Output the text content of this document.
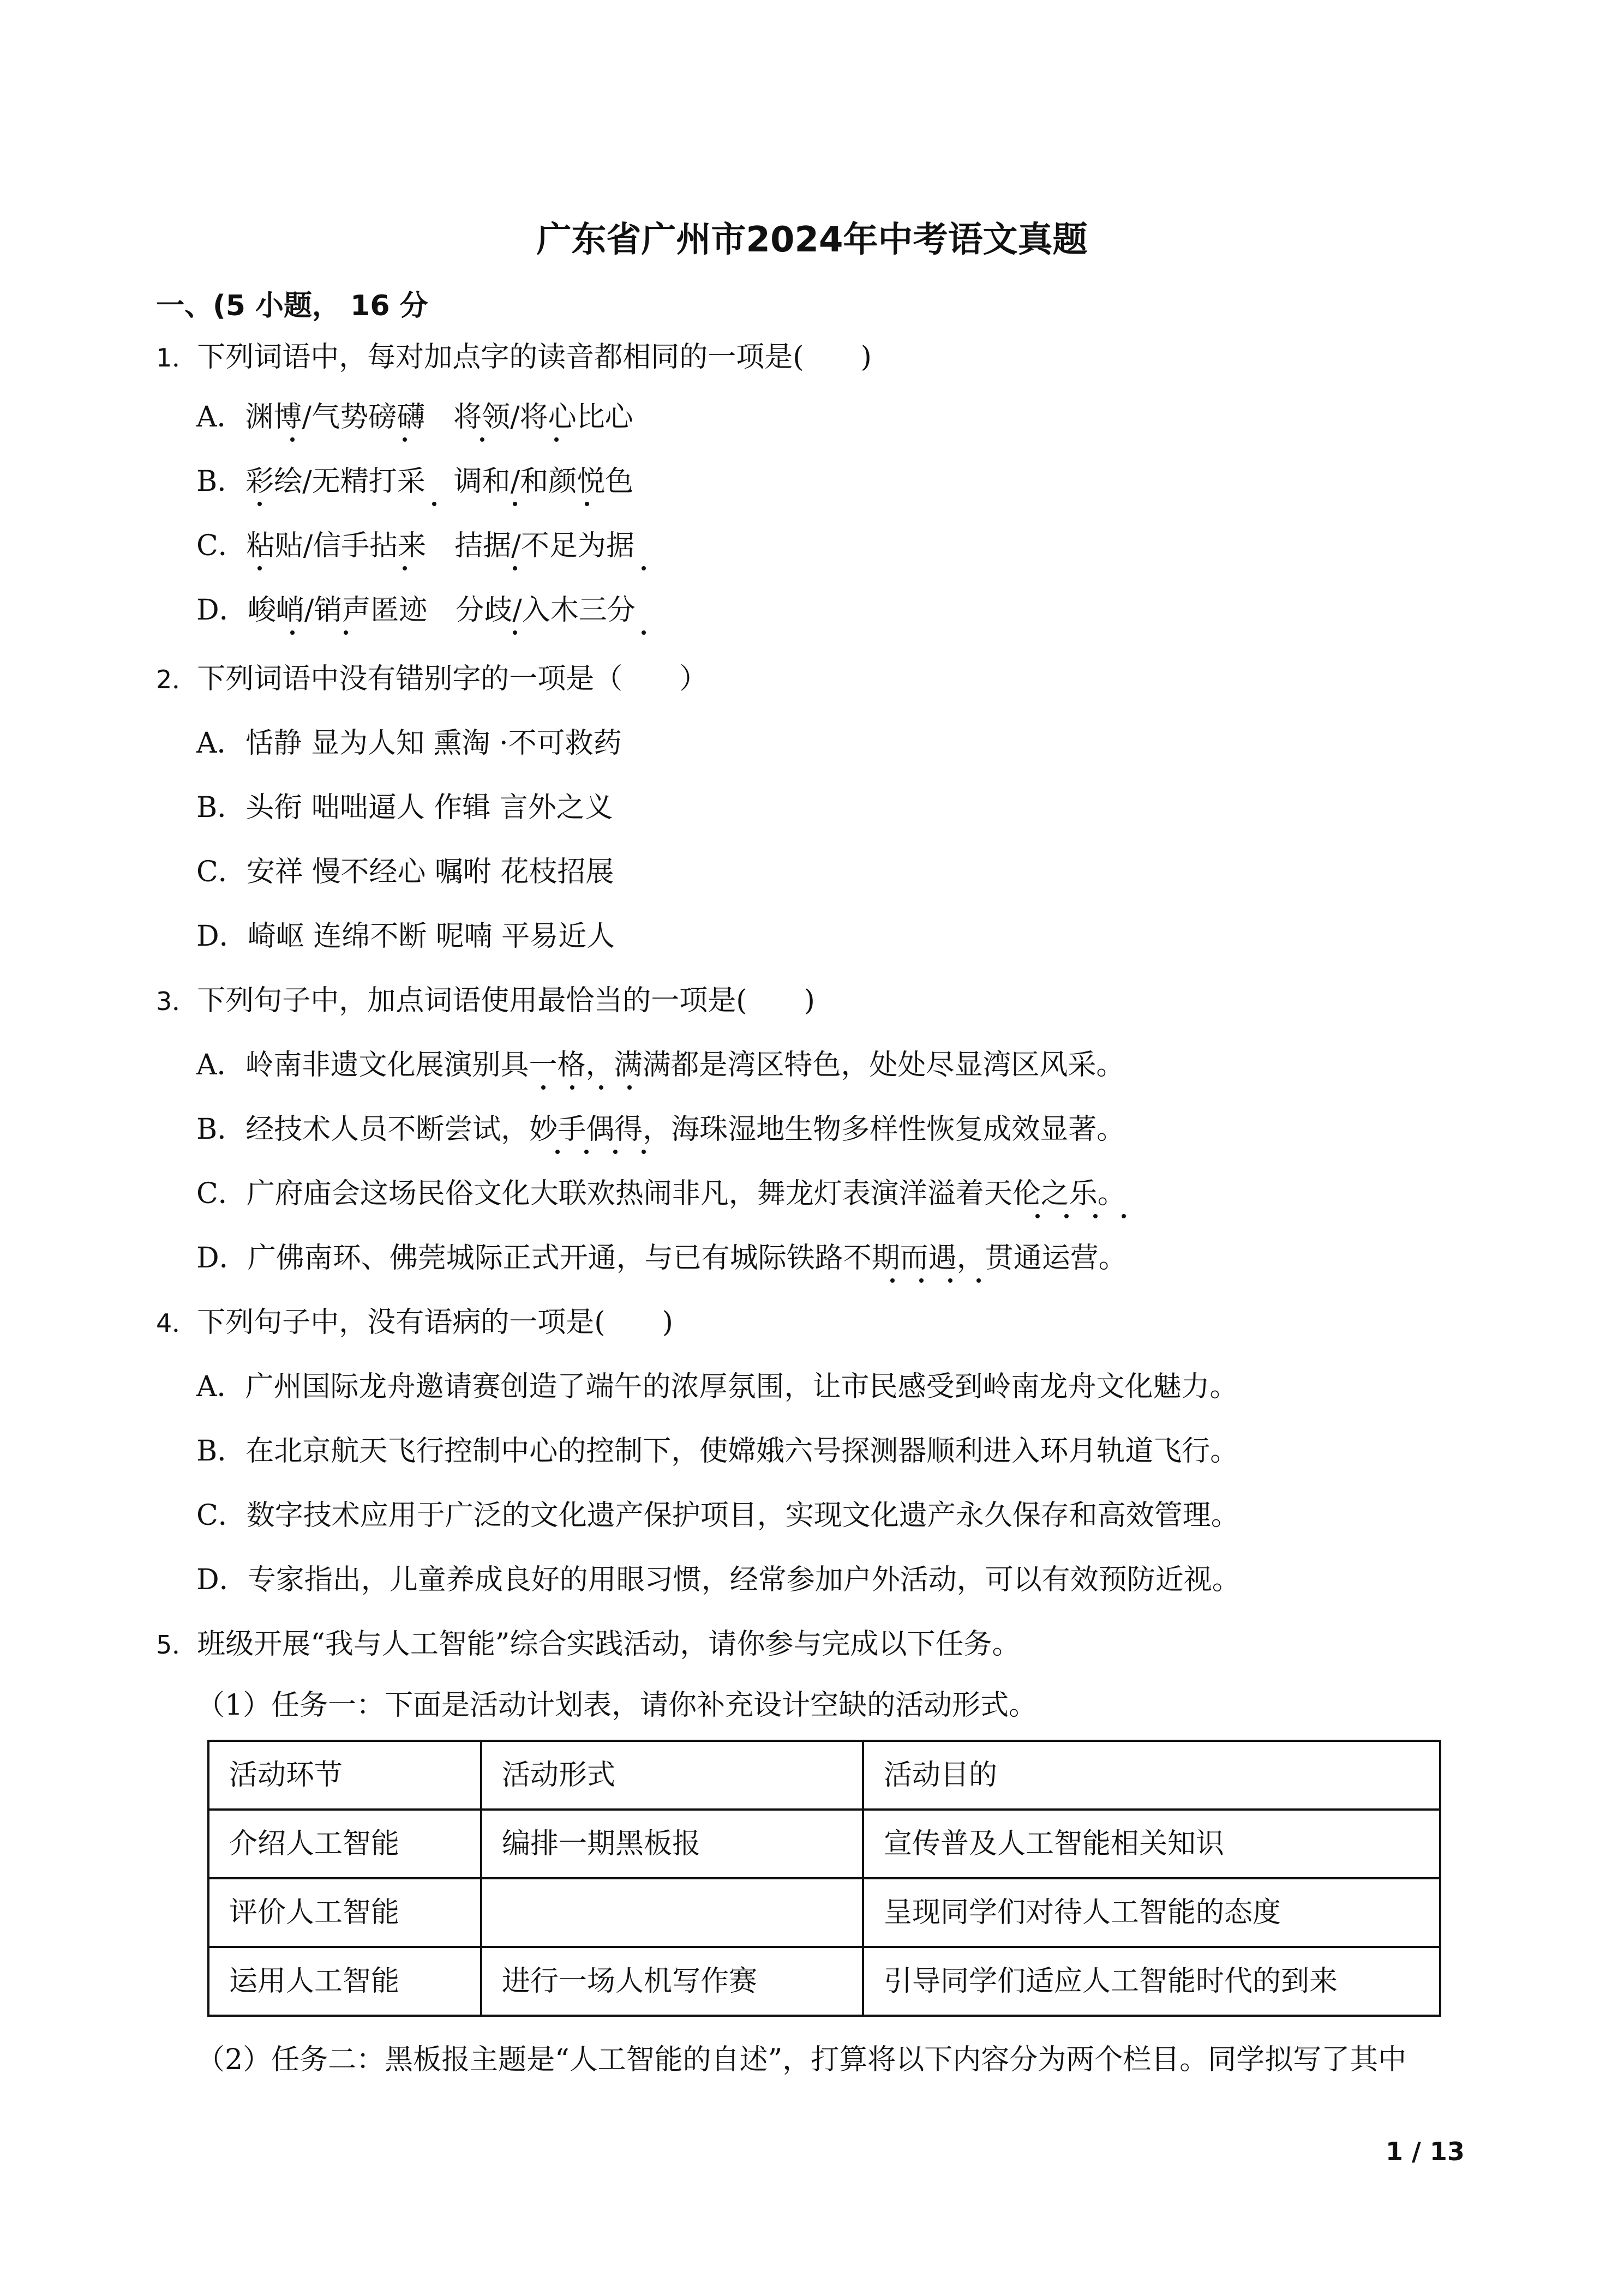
广东省广州市2024年中考语文真题
一、(5 小题， 16 分
1．下列词语中，每对加点字的读音都相同的一项是(　　)
A．渊博/气势磅礴　将领/将心比心
B．彩绘/无精打采　调和/和颜悦色
C．粘贴/信手拈来　拮据/不足为据
D．峻峭/销声匿迹　分歧/入木三分
2．下列词语中没有错别字的一项是（　　）
A．恬静 显为人知 熏淘 ·不可救药
B．头衔 咄咄逼人 作辑 言外之义
C．安祥 慢不经心 嘱咐 花枝招展
D．崎岖 连绵不断 呢喃 平易近人
3．下列句子中，加点词语使用最恰当的一项是(　　)
A．岭南非遗文化展演别具一格，满满都是湾区特色，处处尽显湾区风采。
B．经技术人员不断尝试，妙手偶得，海珠湿地生物多样性恢复成效显著。
C．广府庙会这场民俗文化大联欢热闹非凡，舞龙灯表演洋溢着天伦之乐。
D．广佛南环、佛莞城际正式开通，与已有城际铁路不期而遇，贯通运营。
4．下列句子中，没有语病的一项是(　　)
A．广州国际龙舟邀请赛创造了端午的浓厚氛围，让市民感受到岭南龙舟文化魅力。
B．在北京航天飞行控制中心的控制下，使嫦娥六号探测器顺利进入环月轨道飞行。
C．数字技术应用于广泛的文化遗产保护项目，实现文化遗产永久保存和高效管理。
D．专家指出，儿童养成良好的用眼习惯，经常参加户外活动，可以有效预防近视。
5．班级开展“我与人工智能”综合实践活动，请你参与完成以下任务。
（1）任务一：下面是活动计划表，请你补充设计空缺的活动形式。
活动环节	活动形式	活动目的
介绍人工智能	编排一期黑板报	宣传普及人工智能相关知识
评价人工智能		呈现同学们对待人工智能的态度
运用人工智能	进行一场人机写作赛	引导同学们适应人工智能时代的到来
（2）任务二：黑板报主题是“人工智能的自述”，打算将以下内容分为两个栏目。同学拟写了其中
1 / 13
